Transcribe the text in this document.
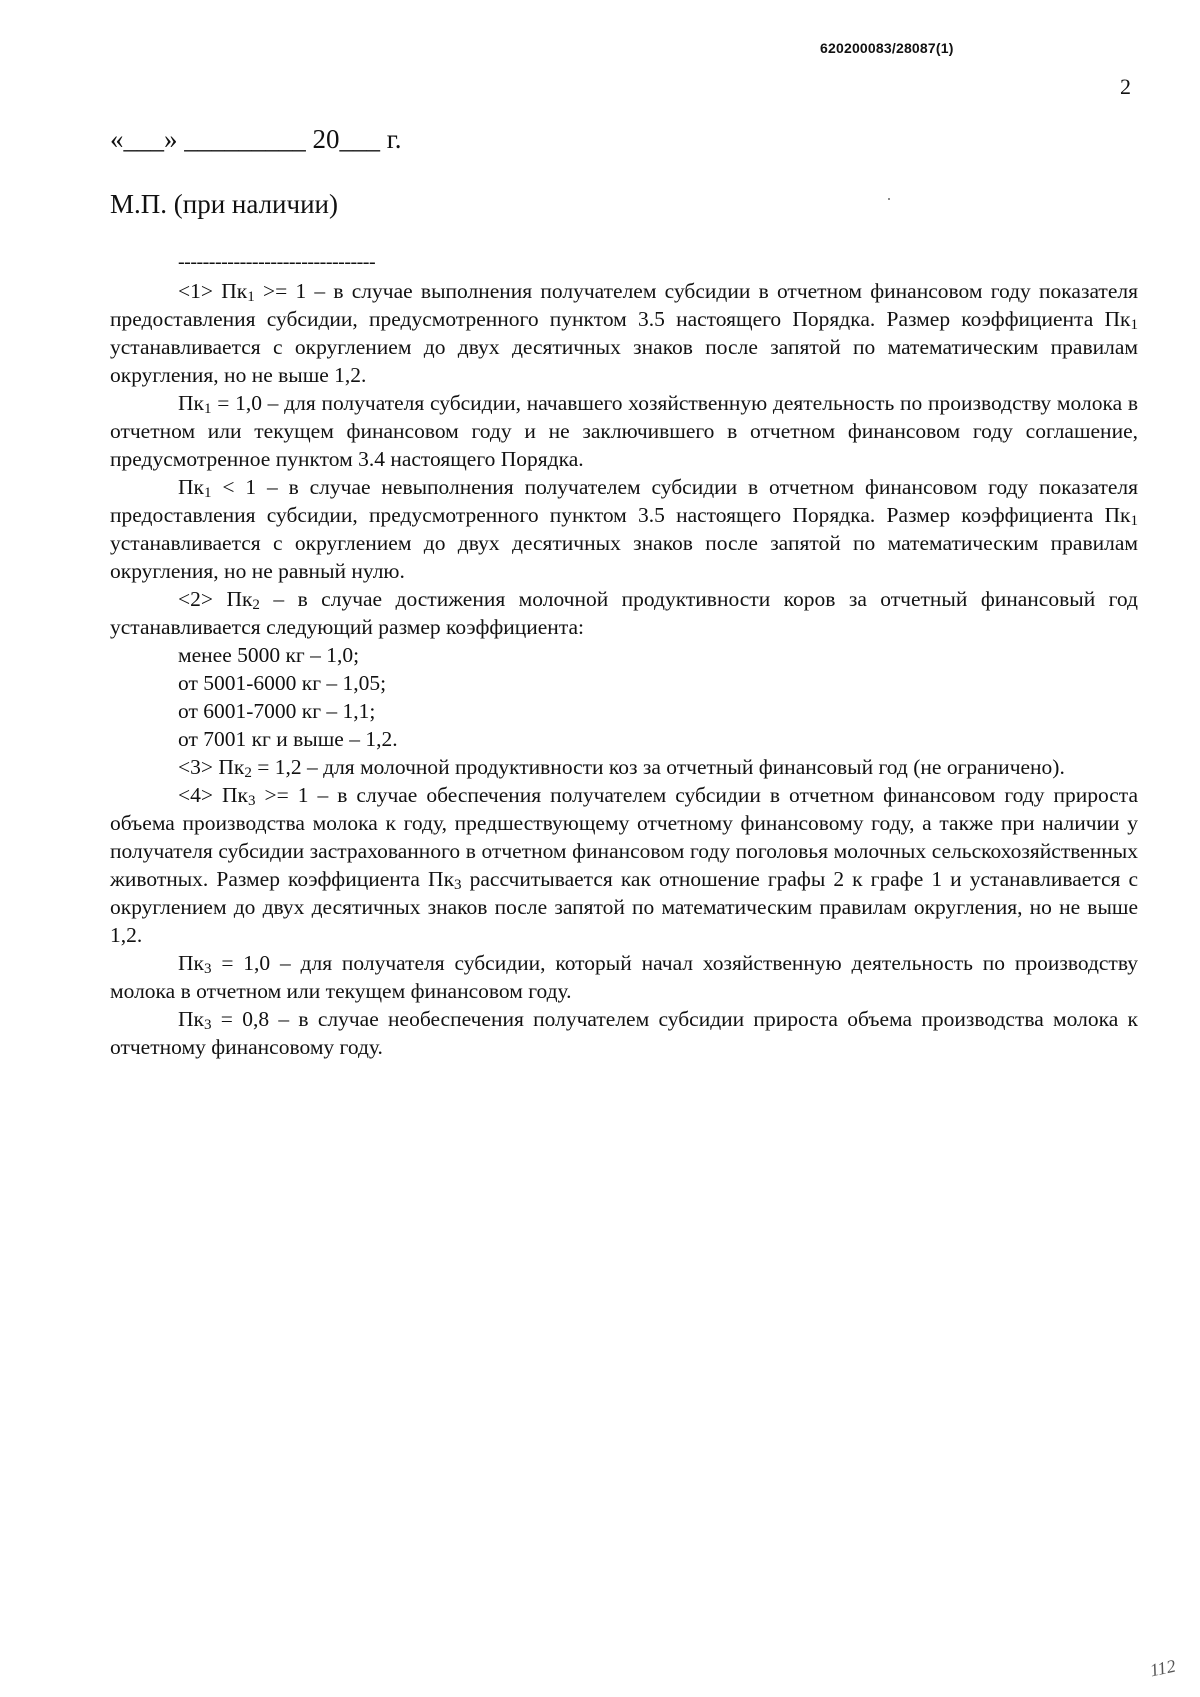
620200083/28087(1)
2
«___» _________ 20___ г.
М.П. (при наличии)
--------------------------------

$<1> Пк_1 >= 1 - в$ случае выполнения получателем субсидии в отчетном финансовом году показателя предоставления субсидии, предусмотренного пунктом 3.5 настоящего Порядка. Размер коэффициента $Пк_1$ устанавливается с округлением до двух десятичных знаков после запятой по математическим правилам округления, но не выше 1,2.

$Пк_1 = 1,0$ – для получателя субсидии, начавшего хозяйственную деятельность по производству молока в отчетном или текущем финансовом году и не заключившего в отчетном финансовом году соглашение, предусмотренное пунктом 3.4 настоящего Порядка.

$Пк_1 < 1 - в$ случае невыполнения получателем субсидии в отчетном финансовом году показателя предоставления субсидии, предусмотренного пунктом 3.5 настоящего Порядка. Размер коэффициента $Пк_1$ устанавливается с округлением до двух десятичных знаков после запятой по математическим правилам округления, но не равный нулю.

$<2> Пк_2 - в$ случае достижения молочной продуктивности коров за отчетный финансовый год устанавливается следующий размер коэффициента:

менее 5000 кг – 1,0;

от 5001-6000 кг – 1,05;

от 6001-7000 кг – 1,1;

от 7001 кг и выше – 1,2.

$<3> Пк_2 = 1,2$ – для молочной продуктивности коз за отчетный финансовый год (не ограничено).

$<4> Пк_3 >= 1 - в$ случае обеспечения получателем субсидии в отчетном финансовом году прироста объема производства молока к году, предшествующему отчетному финансовому году, а также при наличии у получателя субсидии застрахованного в отчетном финансовом году поголовья молочных сельскохозяйственных животных. Размер коэффициента $Пк_3$ рассчитывается как отношение графы 2 к графе 1 и устанавливается с округлением до двух десятичных знаков после запятой по математическим правилам округления, но не выше 1,2.

$Пк_3 = 1,0$ – для получателя субсидии, который начал хозяйственную деятельность по производству молока в отчетном или текущем финансовом году.

$Пк_3 = 0,8 - в$ случае необеспечения получателем субсидии прироста объема производства молока к отчетному финансовому году.

112
